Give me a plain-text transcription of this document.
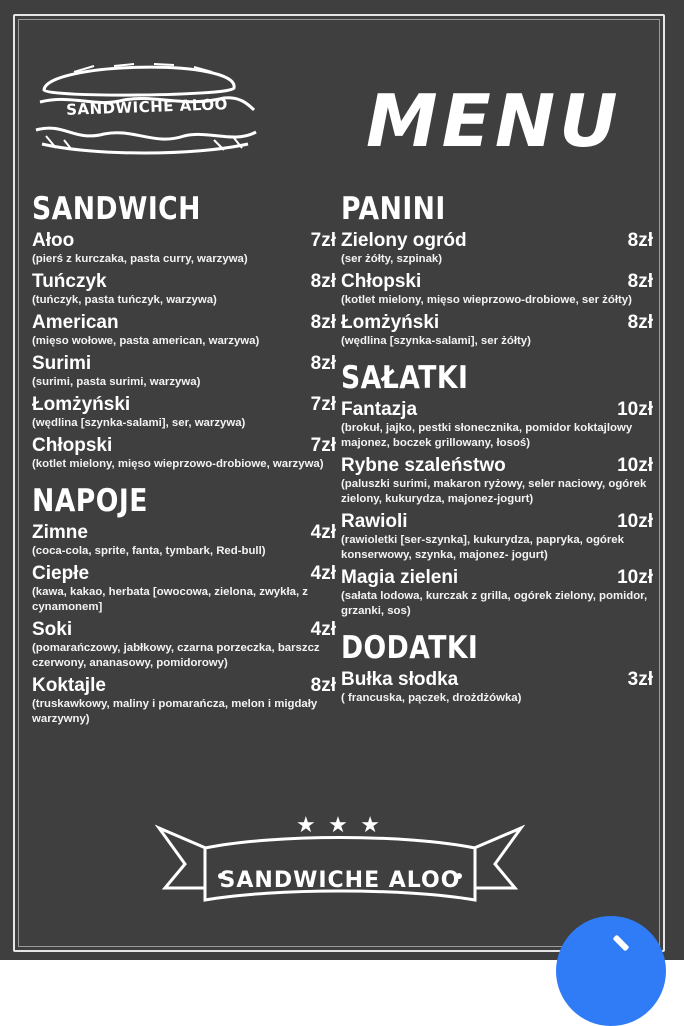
SANDWICHE ALOO MENU
SANDWICH
Ałoo	7zł
(pierś z kurczaka, pasta curry, warzywa)
Tuńczyk	8zł
(tuńczyk, pasta tuńczyk, warzywa)
American	8zł
(mięso wołowe, pasta american, warzywa)
Surimi	8zł
(surimi, pasta surimi, warzywa)
Łomżyński	7zł
(wędlina [szynka-salami], ser, warzywa)
Chłopski	7zł
(kotlet mielony, mięso wieprzowo-drobiowe, warzywa)
NAPOJE
Zimne	4zł
(coca-cola, sprite, fanta, tymbark, Red-bull)
Ciepłe	4zł
(kawa, kakao, herbata [owocowa, zielona, zwykła, z cynamonem]
Soki	4zł
(pomarańczowy, jabłkowy, czarna porzeczka, barszcz czerwony, ananasowy, pomidorowy)
Koktajle	8zł
(truskawkowy, maliny i pomarańcza, melon i migdały warzywny)
PANINI
Zielony ogród	8zł
(ser żółty, szpinak)
Chłopski	8zł
(kotlet mielony, mięso wieprzowo-drobiowe, ser żółty)
Łomżyński	8zł
(wędlina [szynka-salami], ser żółty)
SAŁATKI
Fantazja	10zł
(brokuł, jajko, pestki słonecznika, pomidor koktajlowy majonez, boczek grillowany, łosoś)
Rybne szaleństwo	10zł
(paluszki surimi, makaron ryżowy, seler naciowy, ogórek zielony, kukurydza, majonez-jogurt)
Rawioli	10zł
(rawioletki [ser-szynka], kukurydza, papryka, ogórek konserwowy, szynka, majonez- jogurt)
Magia zieleni	10zł
(sałata lodowa, kurczak z grilla, ogórek zielony, pomidor, grzanki, sos)
DODATKI
Bułka słodka	3zł
( francuska, pączek, drożdżówka)
★ ★ ★
SANDWICHE ALOO
